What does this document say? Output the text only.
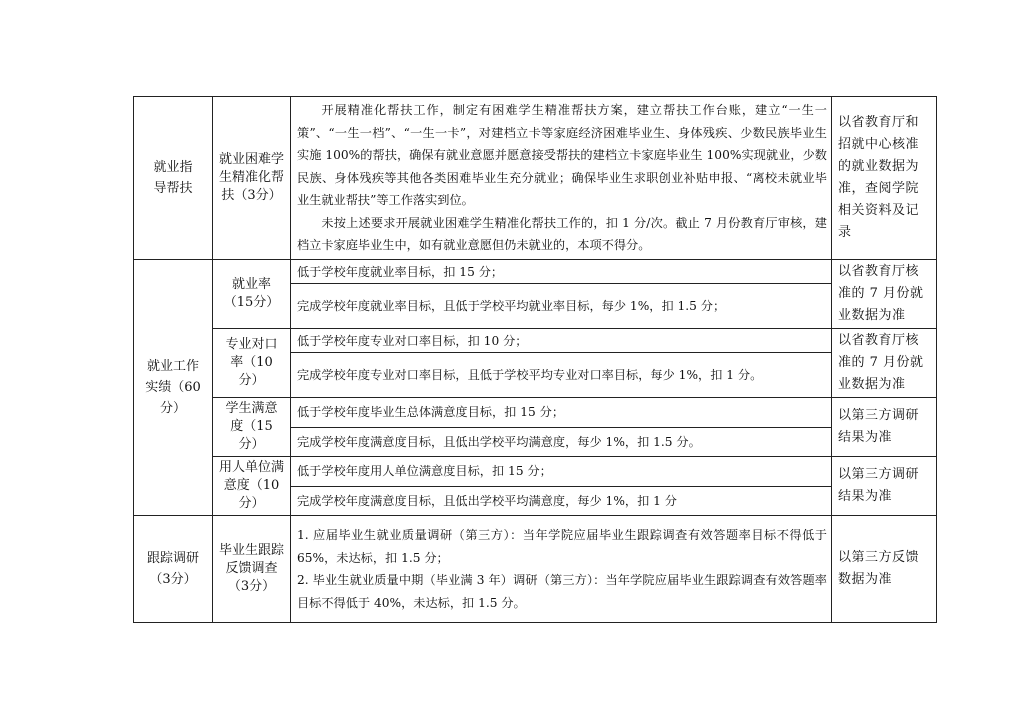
就业指导帮扶	就业困难学生精准化帮扶（3分）	开展精准化帮扶工作，制定有困难学生精准帮扶方案，建立帮扶工作台账，建立“一生一策”、“一生一档”、“一生一卡”，对建档立卡等家庭经济困难毕业生、身体残疾、少数民族毕业生实施 100%的帮扶，确保有就业意愿并愿意接受帮扶的建档立卡家庭毕业生 100%实现就业，少数民族、身体残疾等其他各类困难毕业生充分就业；确保毕业生求职创业补贴申报、“离校未就业毕业生就业帮扶”等工作落实到位。

未按上述要求开展就业困难学生精准化帮扶工作的，扣 1 分/次。截止 7 月份教育厅审核，建档立卡家庭毕业生中，如有就业意愿但仍未就业的，本项不得分。	以省教育厅和招就中心核准的就业数据为准，查阅学院相关资料及记录

就业工作实绩（60分）	就业率（15分）	低于学校年度就业率目标，扣 15 分；	以省教育厅核准的 7 月份就业数据为准

		完成学校年度就业率目标，且低于学校平均就业率目标，每少 1%，扣 1.5 分；	

	专业对口率（10分）	低于学校年度专业对口率目标，扣 10 分；	以省教育厅核准的 7 月份就业数据为准

		完成学校年度专业对口率目标，且低于学校平均专业对口率目标，每少 1%，扣 1 分。	

	学生满意度（15分）	低于学校年度毕业生总体满意度目标，扣 15 分；	以第三方调研结果为准

		完成学校年度满意度目标，且低出学校平均满意度，每少 1%，扣 1.5 分。	

	用人单位满意度（10分）	低于学校年度用人单位满意度目标，扣 15 分；	以第三方调研结果为准

		完成学校年度满意度目标，且低出学校平均满意度，每少 1%，扣 1 分	

跟踪调研（3分）	毕业生跟踪反馈调查（3分）	1. 应届毕业生就业质量调研（第三方）：当年学院应届毕业生跟踪调查有效答题率目标不得低于 65%，未达标，扣 1.5 分；

2. 毕业生就业质量中期（毕业满 3 年）调研（第三方）：当年学院应届毕业生跟踪调查有效答题率目标不得低于 40%，未达标，扣 1.5 分。	以第三方反馈数据为准
